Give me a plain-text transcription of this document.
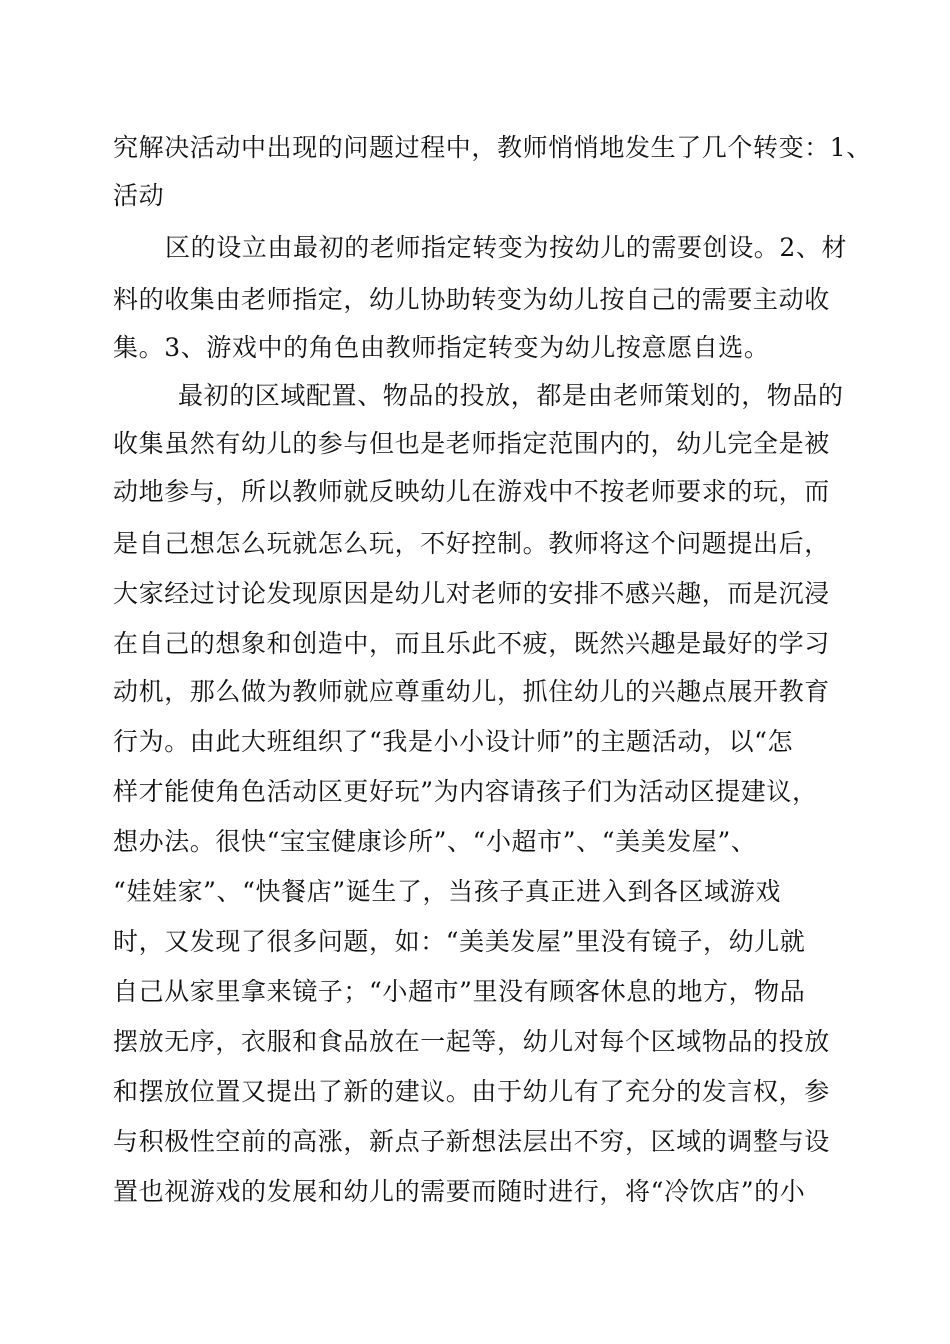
究解决活动中出现的问题过程中，教师悄悄地发生了几个转变：1、
活动
区的设立由最初的老师指定转变为按幼儿的需要创设。2、材
料的收集由老师指定，幼儿协助转变为幼儿按自己的需要主动收
集。3、游戏中的角色由教师指定转变为幼儿按意愿自选。
最初的区域配置、物品的投放，都是由老师策划的，物品的
收集虽然有幼儿的参与但也是老师指定范围内的，幼儿完全是被
动地参与，所以教师就反映幼儿在游戏中不按老师要求的玩，而
是自己想怎么玩就怎么玩，不好控制。教师将这个问题提出后，
大家经过讨论发现原因是幼儿对老师的安排不感兴趣，而是沉浸
在自己的想象和创造中，而且乐此不疲，既然兴趣是最好的学习
动机，那么做为教师就应尊重幼儿，抓住幼儿的兴趣点展开教育
行为。由此大班组织了“我是小小设计师”的主题活动，以“怎
样才能使角色活动区更好玩”为内容请孩子们为活动区提建议，
想办法。很快“宝宝健康诊所”、“小超市”、“美美发屋”、
“娃娃家”、“快餐店”诞生了，当孩子真正进入到各区域游戏
时，又发现了很多问题，如：“美美发屋”里没有镜子，幼儿就
自己从家里拿来镜子；“小超市”里没有顾客休息的地方，物品
摆放无序，衣服和食品放在一起等，幼儿对每个区域物品的投放
和摆放位置又提出了新的建议。由于幼儿有了充分的发言权，参
与积极性空前的高涨，新点子新想法层出不穷，区域的调整与设
置也视游戏的发展和幼儿的需要而随时进行，将“冷饮店”的小
